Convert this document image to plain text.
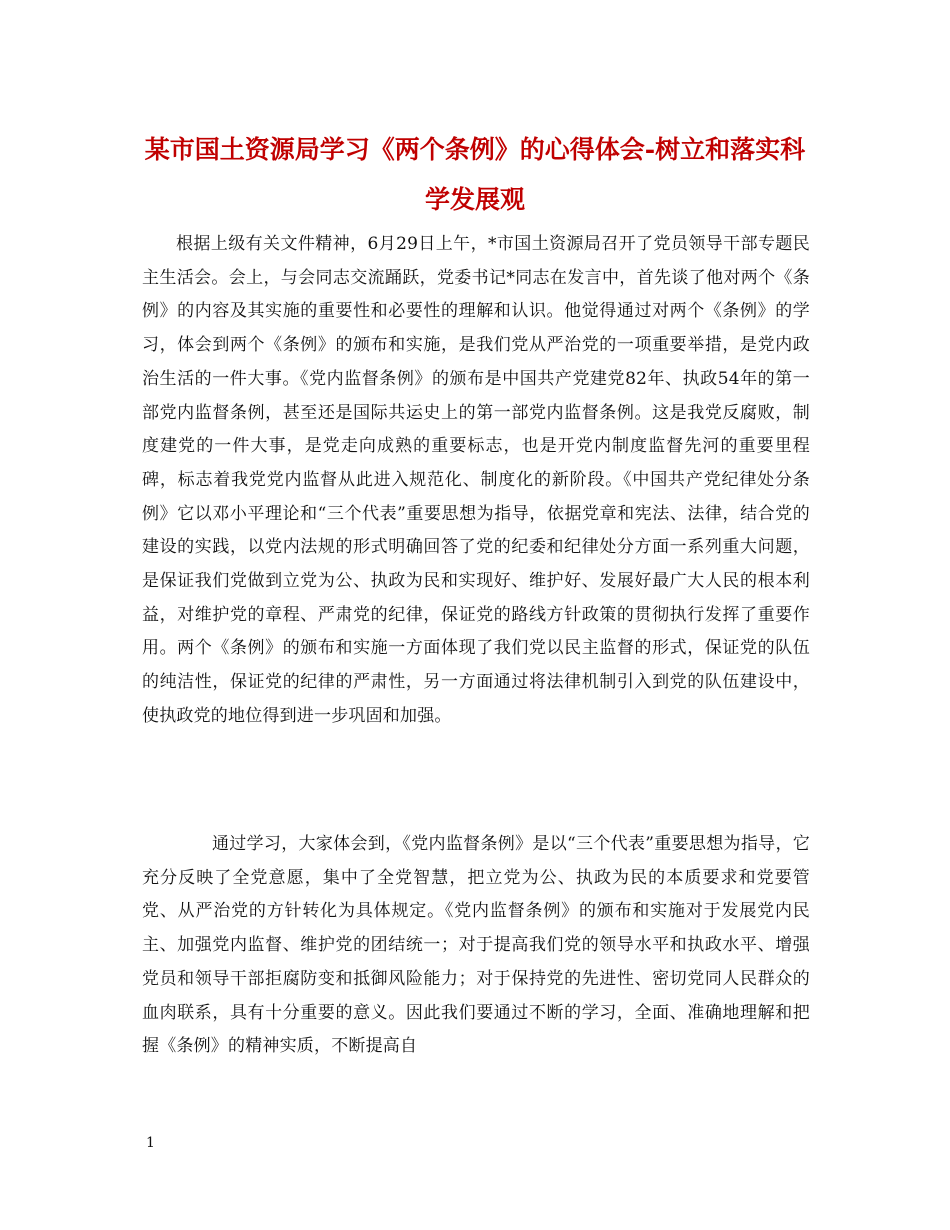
某市国土资源局学习《两个条例》的心得体会-树立和落实科
学发展观

根据上级有关文件精神，6月29日上午，*市国土资源局召开了党员领导干部专题民主生活会。会上，与会同志交流踊跃，党委书记*同志在发言中，首先谈了他对两个《条例》的内容及其实施的重要性和必要性的理解和认识。他觉得通过对两个《条例》的学习，体会到两个《条例》的颁布和实施，是我们党从严治党的一项重要举措，是党内政治生活的一件大事。《党内监督条例》的颁布是中国共产党建党82年、执政54年的第一部党内监督条例，甚至还是国际共运史上的第一部党内监督条例。这是我党反腐败，制度建党的一件大事，是党走向成熟的重要标志，也是开党内制度监督先河的重要里程碑，标志着我党党内监督从此进入规范化、制度化的新阶段。《中国共产党纪律处分条例》它以邓小平理论和“三个代表”重要思想为指导，依据党章和宪法、法律，结合党的建设的实践，以党内法规的形式明确回答了党的纪委和纪律处分方面一系列重大问题，是保证我们党做到立党为公、执政为民和实现好、维护好、发展好最广大人民的根本利益，对维护党的章程、严肃党的纪律，保证党的路线方针政策的贯彻执行发挥了重要作用。两个《条例》的颁布和实施一方面体现了我们党以民主监督的形式，保证党的队伍的纯洁性，保证党的纪律的严肃性，另一方面通过将法律机制引入到党的队伍建设中，使执政党的地位得到进一步巩固和加强。

通过学习，大家体会到，《党内监督条例》是以“三个代表”重要思想为指导，它充分反映了全党意愿，集中了全党智慧，把立党为公、执政为民的本质要求和党要管党、从严治党的方针转化为具体规定。《党内监督条例》的颁布和实施对于发展党内民主、加强党内监督、维护党的团结统一；对于提高我们党的领导水平和执政水平、增强党员和领导干部拒腐防变和抵御风险能力；对于保持党的先进性、密切党同人民群众的血肉联系，具有十分重要的意义。因此我们要通过不断的学习，全面、准确地理解和把握《条例》的精神实质，不断提高自

1
